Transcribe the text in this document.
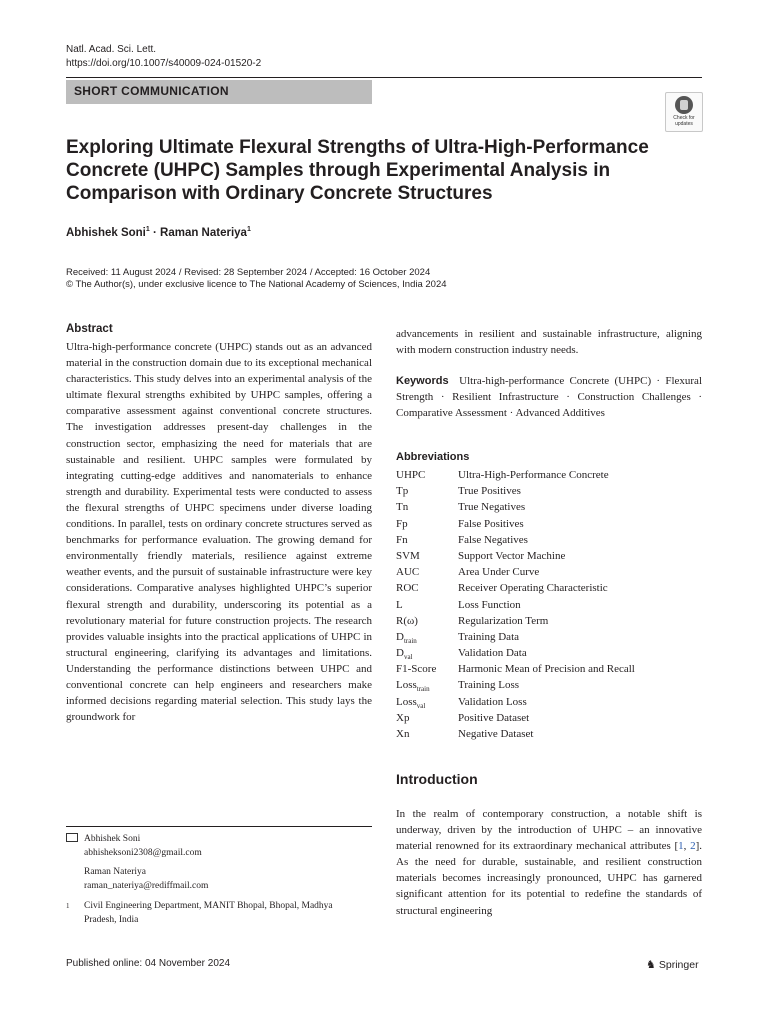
Natl. Acad. Sci. Lett.
https://doi.org/10.1007/s40009-024-01520-2
SHORT COMMUNICATION
Check for updates
Exploring Ultimate Flexural Strengths of Ultra-High-Performance Concrete (UHPC) Samples through Experimental Analysis in Comparison with Ordinary Concrete Structures
Abhishek Soni$^1$ · Raman Nateriya$^1$
Received: 11 August 2024 / Revised: 28 September 2024 / Accepted: 16 October 2024
© The Author(s), under exclusive licence to The National Academy of Sciences, India 2024
Abstract
Ultra-high-performance concrete (UHPC) stands out as an advanced material in the construction domain due to its exceptional mechanical characteristics. This study delves into an experimental analysis of the ultimate flexural strengths exhibited by UHPC samples, offering a comparative assessment against conventional concrete structures. The investigation addresses present-day challenges in the construction sector, emphasizing the need for materials that are sustainable and resilient. UHPC samples were formulated by integrating cutting-edge additives and nanomaterials to enhance strength and durability. Experimental tests were conducted to assess the flexural strengths of UHPC specimens under diverse loading conditions. In parallel, tests on ordinary concrete structures served as benchmarks for performance evaluation. The growing demand for environmentally friendly materials, resilience against extreme weather events, and the pursuit of sustainable infrastructure were key considerations. Comparative analyses highlighted UHPC’s superior flexural strength and durability, underscoring its potential as a revolutionary material for future construction projects. The research provides valuable insights into the practical applications of UHPC in structural engineering, clarifying its advantages and limitations. Understanding the performance distinctions between UHPC and conventional concrete can help engineers and researchers make informed decisions regarding material selection. This study lays the groundwork for
advancements in resilient and sustainable infrastructure, aligning with modern construction industry needs.
Keywords Ultra-high-performance Concrete (UHPC) · Flexural Strength · Resilient Infrastructure · Construction Challenges · Comparative Assessment · Advanced Additives
Abbreviations
UHPC	Ultra-High-Performance Concrete
Tp	True Positives
Tn	True Negatives
Fp	False Positives
Fn	False Negatives
SVM	Support Vector Machine
AUC	Area Under Curve
ROC	Receiver Operating Characteristic
L	Loss Function
R(ω)	Regularization Term
$D_{train}$	Training Data
$D_{val}$	Validation Data
F1-Score Harmonic Mean of Precision and Recall
Loss$_{train}$	Training Loss
Loss$_{val}$	Validation Loss
Xp	Positive Dataset
Xn	Negative Dataset
Introduction
In the realm of contemporary construction, a notable shift is underway, driven by the introduction of UHPC – an innovative material renowned for its extraordinary mechanical attributes [1, 2]. As the need for durable, sustainable, and resilient construction materials becomes increasingly pronounced, UHPC has garnered significant attention for its potential to redefine the standards of structural engineering
Abhishek Soni
abhisheksoni2308@gmail.com
Raman Nateriya
raman_nateriya@rediffmail.com
1	Civil Engineering Department, MANIT Bhopal, Bhopal, Madhya Pradesh, India
Published online: 04 November 2024	♞ Springer
